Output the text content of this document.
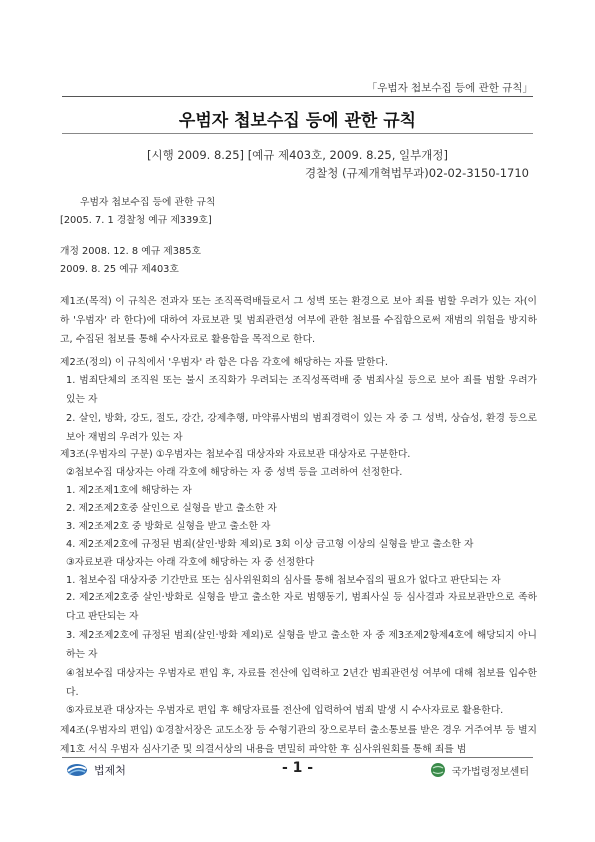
「우범자 첩보수집 등에 관한 규칙」
우범자 첩보수집 등에 관한 규칙
[시행 2009. 8.25] [예규 제403호, 2009. 8.25, 일부개정]
경찰청 (규제개혁법무과)02-02-3150-1710
우범자 첩보수집 등에 관한 규칙
[2005. 7. 1 경찰청 예규 제339호]
개정 2008. 12. 8 예규 제385호
2009. 8. 25 예규 제403호
제1조(목적) 이 규칙은 전과자 또는 조직폭력배들로서 그 성벽 또는 환경으로 보아 죄를 범할 우려가 있는 자(이하 '우범자' 라 한다)에 대하여 자료보관 및 범죄관련성 여부에 관한 첩보를 수집함으로써 재범의 위험을 방지하고, 수집된 첩보를 통해 수사자료로 활용함을 목적으로 한다.
제2조(정의) 이 규칙에서 '우범자' 라 함은 다음 각호에 해당하는 자를 말한다.
1. 범죄단체의 조직원 또는 불시 조직화가 우려되는 조직성폭력배 중 범죄사실 등으로 보아 죄를 범할 우려가 있는 자
2. 살인, 방화, 강도, 절도, 강간, 강제추행, 마약류사범의 범죄경력이 있는 자 중 그 성벽, 상습성, 환경 등으로 보아 재범의 우려가 있는 자
제3조(우범자의 구분) ①우범자는 첩보수집 대상자와 자료보관 대상자로 구분한다.
②첩보수집 대상자는 아래 각호에 해당하는 자 중 성벽 등을 고려하여 선정한다.
1. 제2조제1호에 해당하는 자
2. 제2조제2호중 살인으로 실형을 받고 출소한 자
3. 제2조제2호 중 방화로 실형을 받고 출소한 자
4. 제2조제2호에 규정된 범죄(살인·방화 제외)로 3회 이상 금고형 이상의 실형을 받고 출소한 자
③자료보관 대상자는 아래 각호에 해당하는 자 중 선정한다
1. 첩보수집 대상자중 기간만료 또는 심사위원회의 심사를 통해 첩보수집의 필요가 없다고 판단되는 자
2. 제2조제2호중 살인·방화로 실형을 받고 출소한 자로 범행동기, 범죄사실 등 심사결과 자료보관만으로 족하다고 판단되는 자
3. 제2조제2호에 규정된 범죄(살인·방화 제외)로 실형을 받고 출소한 자 중 제3조제2항제4호에 해당되지 아니하는 자
④첩보수집 대상자는 우범자로 편입 후, 자료를 전산에 입력하고 2년간 범죄관련성 여부에 대해 첩보를 입수한다.
⑤자료보관 대상자는 우범자로 편입 후 해당자료를 전산에 입력하여 범죄 발생 시 수사자료로 활용한다.
제4조(우범자의 편입) ①경찰서장은 교도소장 등 수형기관의 장으로부터 출소통보를 받은 경우 거주여부 등 별지 제1호 서식 우범자 심사기준 및 의결서상의 내용을 면밀히 파악한 후 심사위원회를 통해 죄를 범
법제처	- 1 -	국가법령정보센터
